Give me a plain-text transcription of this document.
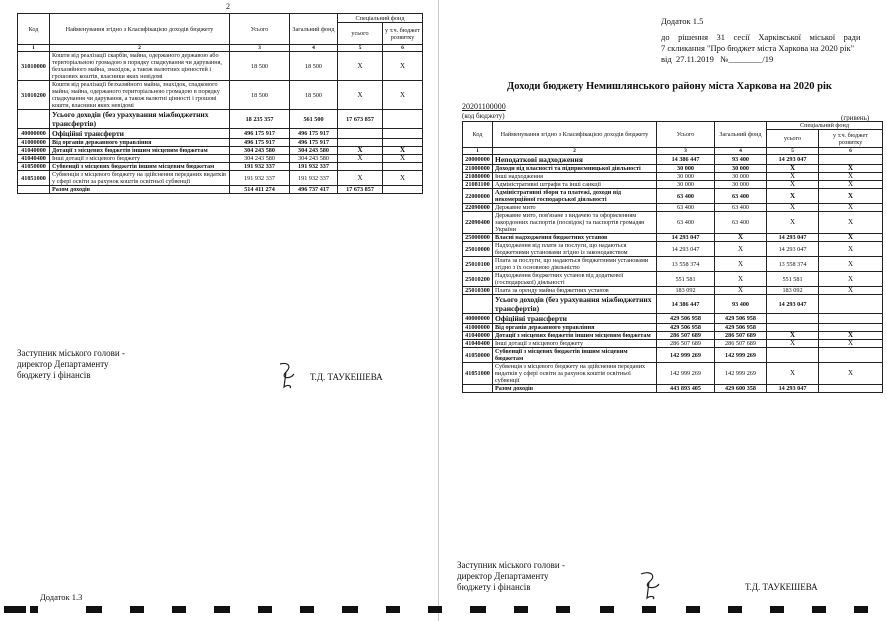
2
Код	Найменування згідно з Класифікацією доходів бюджету	Усього	Загальний фонд	Спеціальний фонд	
				усього	у т.ч. бюджет розвитку
1	2	3	4	5	6
31010000	Кошти від реалізації скарбів, майна, одержаного державою або територіальною громадою в порядку спадкування чи дарування, безхазяйного майна, знахідок, а також валютних цінностей і грошових коштів, власники яких невідомі	18 500	18 500	X	X
31010200	Кошти від реалізації безхазяйного майна, знахідок, спадкового майна, майна, одержаного територіальною громадою в порядку спадкування чи дарування, а також валютні цінності і грошові кошти, власники яких невідомі	18 500	18 500	X	X
	Усього доходів (без урахування міжбюджетних трансфертів)	18 235 357	561 500	17 673 857	
40000000	Офіційні трансферти	496 175 917	496 175 917		
41000000	Від органів державного управління	496 175 917	496 175 917		
41040000	Дотації з місцевих бюджетів іншим місцевим бюджетам	304 243 580	304 243 580	X	X
41040400	Інші дотації з місцевого бюджету	304 243 580	304 243 580	X	X
41050000	Субвенції з місцевих бюджетів іншим місцевим бюджетам	191 932 337	191 932 337		
41051000	Субвенція з місцевого бюджету на здійснення переданих видатків у сфері освіти за рахунок коштів освітньої субвенції	191 932 337	191 932 337	X	X
	Разом доходів	514 411 274	496 737 417	17 673 857	
Заступник міського голови -
директор Департаменту
бюджету і фінансів	Т.Д. ТАУКЕШЕВА
Додаток 1.3
Додаток 1.5
до    рішення    31    сесії    Харківської    міської    ради
7 скликання "Про бюджет міста Харкова на 2020 рік"
від  27.11.2019   №________/19
Доходи бюджету Немишлянського району міста Харкова на 2020 рік
20201100000
(код бюджету)	(гривень)
Код	Найменування згідно з Класифікацією доходів бюджету	Усього	Загальний фонд	Спеціальний фонд	
				усього	у т.ч. бюджет розвитку
1	2	3	4	5	6
20000000	Неподаткові надходження	14 386 447	93 400	14 293 047	
21000000	Доходи від власності та підприємницької діяльності	30 000	30 000	X	X
21080000	Інші надходження	30 000	30 000	X	X
21081100	Адміністративні штрафи та інші санкції	30 000	30 000	X	X
22000000	Адміністративні збори та платежі, доходи від некомерційної господарської діяльності	63 400	63 400	X	X
22090000	Державне мито	63 400	63 400	X	X
22090400	Державне мито, пов'язане з видачею та оформленням закордонних паспортів (посвідок) та паспортів громадян України	63 400	63 400	X	X
25000000	Власні надходження бюджетних установ	14 293 047	X	14 293 047	X
25010000	Надходження від плати за послуги, що надаються бюджетними установами згідно із законодавством	14 293 047	X	14 293 047	X
25010100	Плата за послуги, що надаються бюджетними установами згідно з їх основною діяльністю	13 558 374	X	13 558 374	X
25010200	Надходження бюджетних установ від додаткової (господарської) діяльності	551 581	X	551 581	X
25010300	Плата за оренду майна бюджетних установ	183 092	X	183 092	X
	Усього доходів (без урахування міжбюджетних трансфертів)	14 386 447	93 400	14 293 047	
40000000	Офіційні трансферти	429 506 958	429 506 958		
41000000	Від органів державного управління	429 506 958	429 506 958		
41040000	Дотації з місцевих бюджетів іншим місцевим бюджетам	286 507 689	286 507 689	X	X
41040400	Інші дотації з місцевого бюджету	286 507 689	286 507 689	X	X
41050000	Субвенції з місцевих бюджетів іншим місцевим бюджетам	142 999 269	142 999 269		
41051000	Субвенція з місцевого бюджету на здійснення переданих видатків у сфері освіти за рахунок коштів освітньої субвенції	142 999 269	142 999 269	X	X
	Разом доходів	443 893 405	429 600 358	14 293 047	
Заступник міського голови -
директор Департаменту
бюджету і фінансів	Т.Д. ТАУКЕШЕВА
